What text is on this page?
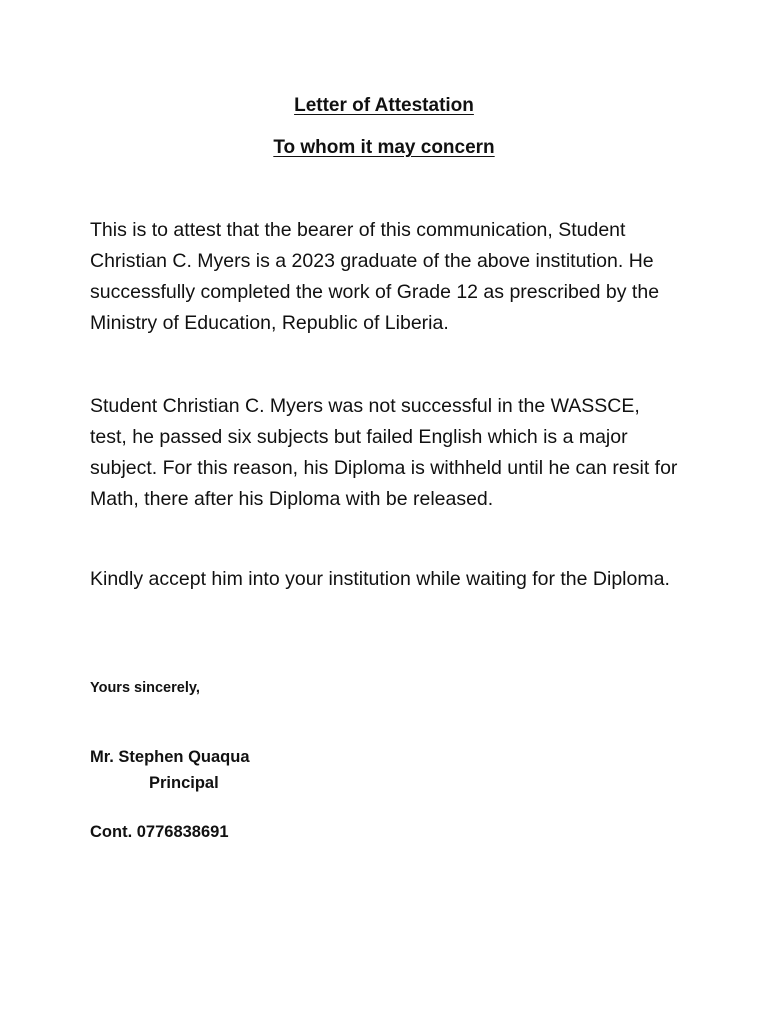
Letter of Attestation

To whom it may concern

This is to attest that the bearer of this communication, Student Christian C. Myers is a 2023 graduate of the above institution. He successfully completed the work of Grade 12 as prescribed by the Ministry of Education, Republic of Liberia.

Student Christian C. Myers was not successful in the WASSCE, test, he passed six subjects but failed English which is a major subject. For this reason, his Diploma is withheld until he can resit for Math, there after his Diploma with be released.

Kindly accept him into your institution while waiting for the Diploma.

Yours sincerely,

Mr. Stephen Quaqua

Principal

Cont. 0776838691
